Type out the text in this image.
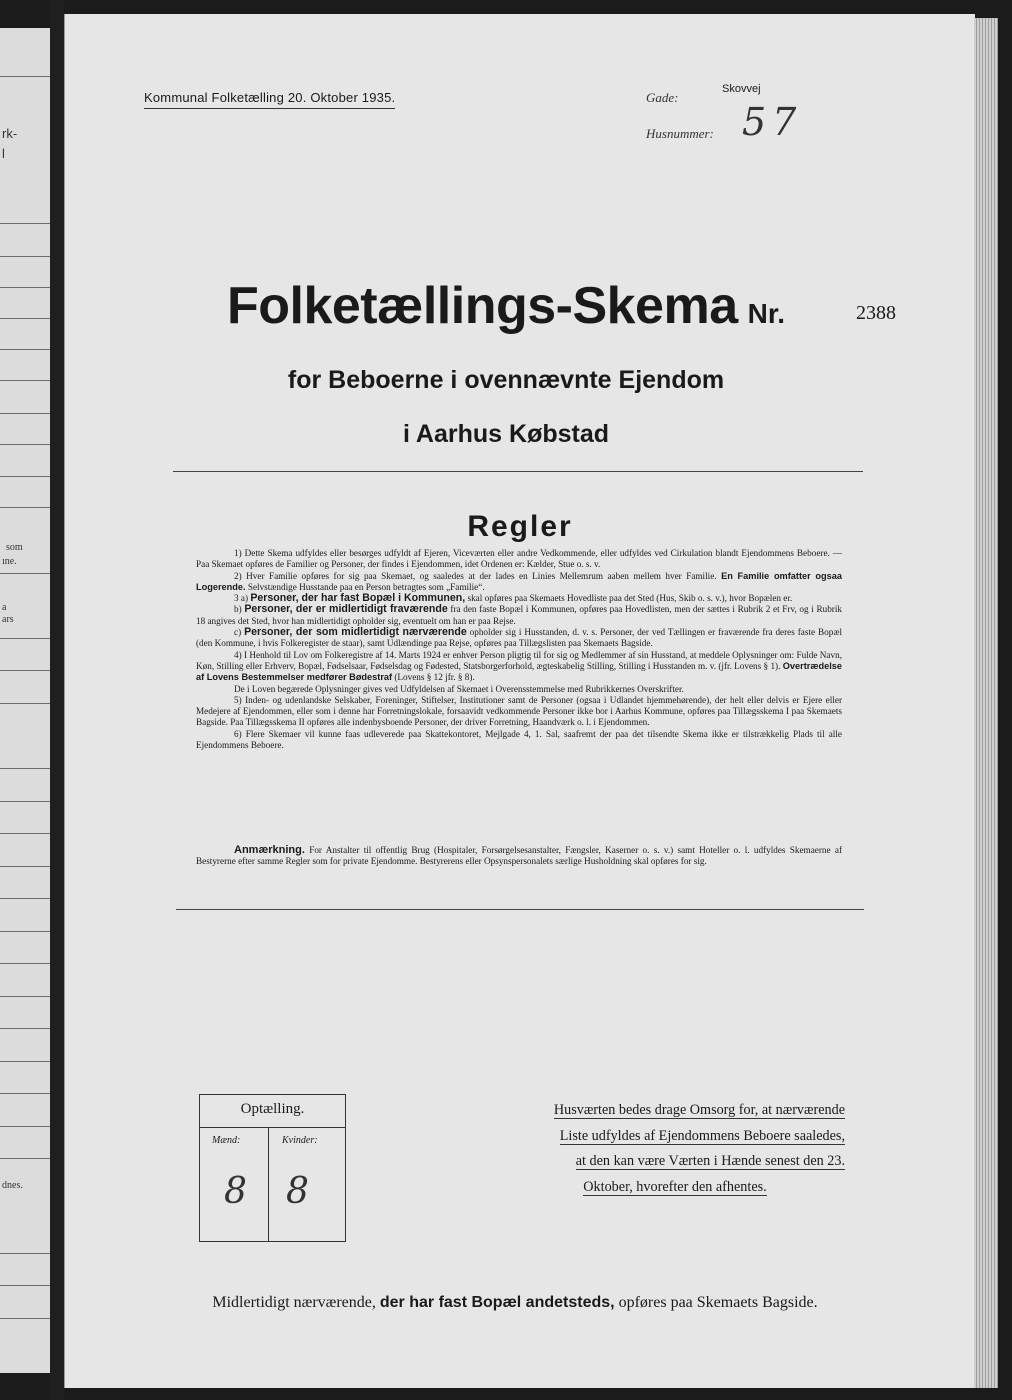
rk-
l
som
ıne.
a
ars
dnes.
Kommunal Folketælling 20. Oktober 1935.	Gade:
Skovvej
Husnummer: 57
Folketællings-Skema Nr.	2388
for Beboerne i ovennævnte Ejendom
i Aarhus Købstad
Regler

1) Dette Skema udfyldes eller besørges udfyldt af Ejeren, Viceværten eller andre Vedkommende, eller udfyldes ved Cirkulation blandt Ejendommens Beboere. — Paa Skemaet opføres de Familier og Personer, der findes i Ejendommen, idet Ordenen er: Kælder, Stue o. s. v.

2) Hver Familie opføres for sig paa Skemaet, og saaledes at der lades en Linies Mellemrum aaben mellem hver Familie. En Familie omfatter ogsaa Logerende. Selvstændige Husstande paa en Person betragtes som „Familie“.

3 a) Personer, der har fast Bopæl i Kommunen, skal opføres paa Skemaets Hovedliste paa det Sted (Hus, Skib o. s. v.), hvor Bopælen er.

b) Personer, der er midlertidigt fraværende fra den faste Bopæl i Kommunen, opføres paa Hovedlisten, men der sættes i Rubrik 2 et Frv, og i Rubrik 18 angives det Sted, hvor han midlertidigt opholder sig, eventuelt om han er paa Rejse.

c) Personer, der som midlertidigt nærværende opholder sig i Husstanden, d. v. s. Personer, der ved Tællingen er fraværende fra deres faste Bopæl (den Kommune, i hvis Folkeregister de staar), samt Udlændinge paa Rejse, opføres paa Tillægslisten paa Skemaets Bagside.

4) I Henhold til Lov om Folkeregistre af 14. Marts 1924 er enhver Person pligtig til for sig og Medlemmer af sin Husstand, at meddele Oplysninger om: Fulde Navn, Køn, Stilling eller Erhverv, Bopæl, Fødselsaar, Fødselsdag og Fødested, Statsborgerforhold, ægteskabelig Stilling, Stilling i Husstanden m. v. (jfr. Lovens § 1). Overtrædelse af Lovens Bestemmelser medfører Bødestraf (Lovens § 12 jfr. § 8).

De i Loven begærede Oplysninger gives ved Udfyldelsen af Skemaet i Overensstemmelse med Rubrikkernes Overskrifter.

5) Inden- og udenlandske Selskaber, Foreninger, Stiftelser, Institutioner samt de Personer (ogsaa i Udlandet hjemmehørende), der helt eller delvis er Ejere eller Medejere af Ejendommen, eller som i denne har Forretningslokale, forsaavidt vedkommende Personer ikke bor i Aarhus Kommune, opføres paa Tillægsskema I paa Skemaets Bagside. Paa Tillægsskema II opføres alle indenbysboende Personer, der driver Forretning, Haandværk o. l. i Ejendommen.

6) Flere Skemaer vil kunne faas udleverede paa Skattekontoret, Mejlgade 4, 1. Sal, saafremt der paa det tilsendte Skema ikke er tilstrækkelig Plads til alle Ejendommens Beboere.

Anmærkning. For Anstalter til offentlig Brug (Hospitaler, Forsørgelsesanstalter, Fængsler, Kaserner o. s. v.) samt Hoteller o. l. udfyldes Skemaerne af Bestyrerne efter samme Regler som for private Ejendomme. Bestyrerens eller Opsynspersonalets særlige Husholdning skal opføres for sig.

Optælling.
Mænd:	Kvinder:
8 8
Husværten bedes drage Omsorg for, at nærværende
Liste udfyldes af Ejendommens Beboere saaledes,
at den kan være Værten i Hænde senest den 23.
Oktober, hvorefter den afhentes.
Midlertidigt nærværende, der har fast Bopæl andetsteds, opføres paa Skemaets Bagside.
